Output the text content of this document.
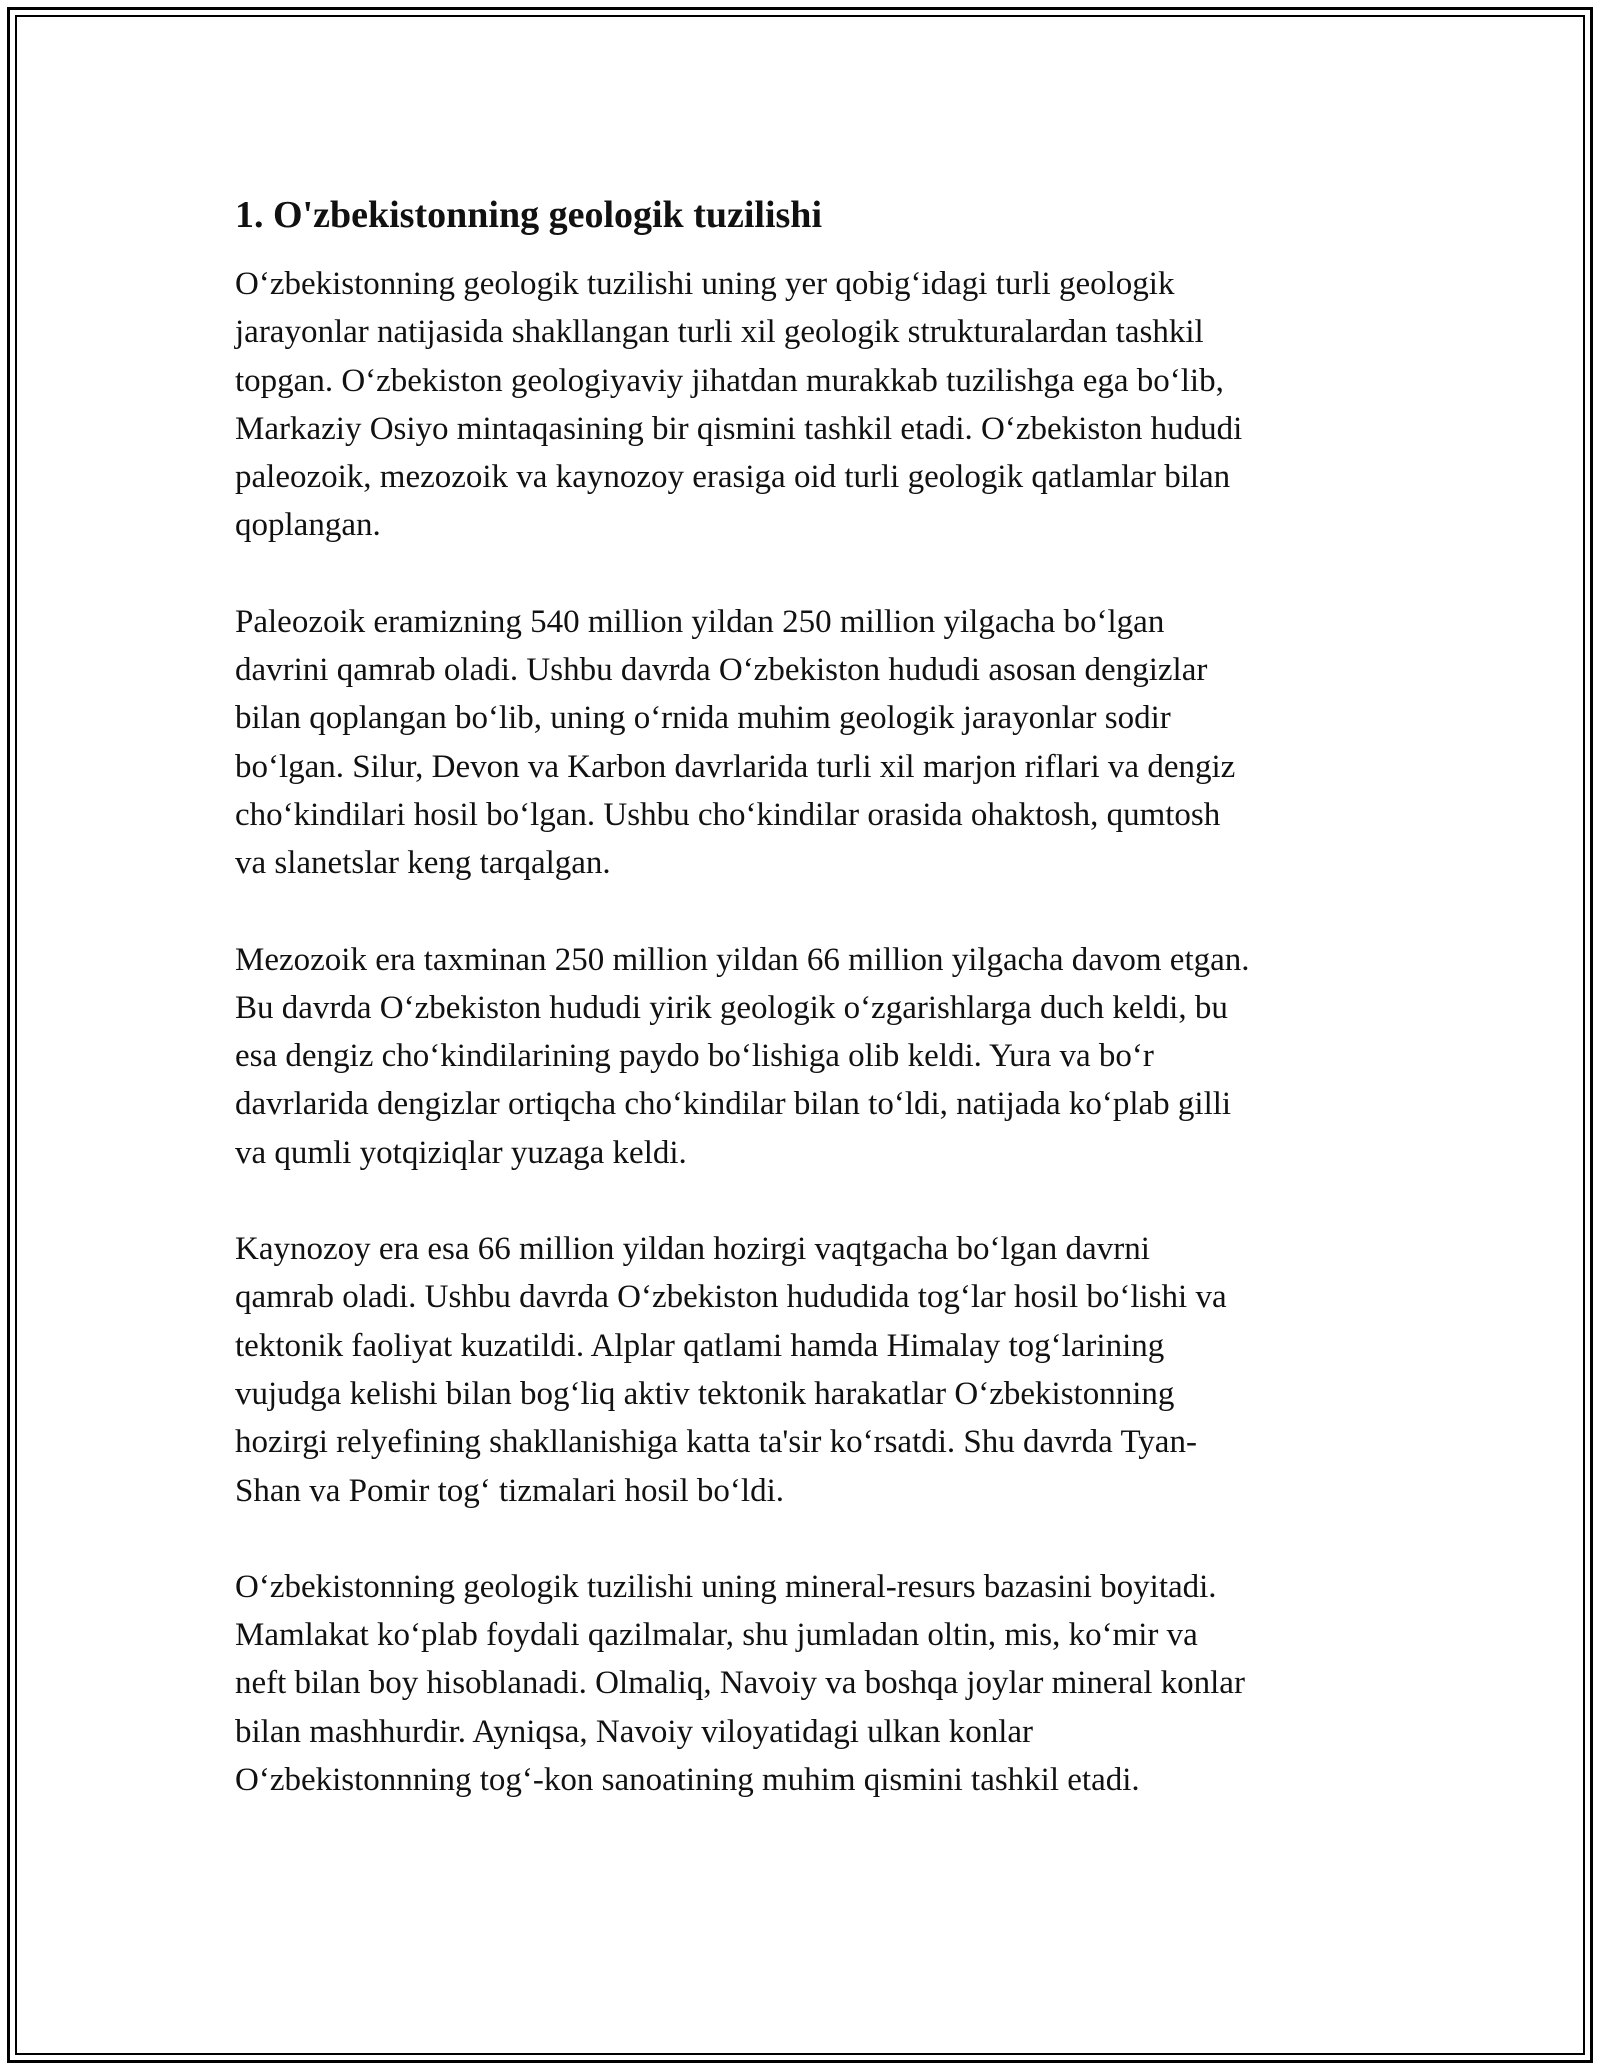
1. O'zbekistonning geologik tuzilishi

O‘zbekistonning geologik tuzilishi uning yer qobig‘idagi turli geologik
jarayonlar natijasida shakllangan turli xil geologik strukturalardan tashkil
topgan. O‘zbekiston geologiyaviy jihatdan murakkab tuzilishga ega bo‘lib,
Markaziy Osiyo mintaqasining bir qismini tashkil etadi. O‘zbekiston hududi
paleozoik, mezozoik va kaynozoy erasiga oid turli geologik qatlamlar bilan
qoplangan.

Paleozoik eramizning 540 million yildan 250 million yilgacha bo‘lgan
davrini qamrab oladi. Ushbu davrda O‘zbekiston hududi asosan dengizlar
bilan qoplangan bo‘lib, uning o‘rnida muhim geologik jarayonlar sodir
bo‘lgan. Silur, Devon va Karbon davrlarida turli xil marjon riflari va dengiz
cho‘kindilari hosil bo‘lgan. Ushbu cho‘kindilar orasida ohaktosh, qumtosh
va slanetslar keng tarqalgan.

Mezozoik era taxminan 250 million yildan 66 million yilgacha davom etgan.
Bu davrda O‘zbekiston hududi yirik geologik o‘zgarishlarga duch keldi, bu
esa dengiz cho‘kindilarining paydo bo‘lishiga olib keldi. Yura va bo‘r
davrlarida dengizlar ortiqcha cho‘kindilar bilan to‘ldi, natijada ko‘plab gilli
va qumli yotqiziqlar yuzaga keldi.

Kaynozoy era esa 66 million yildan hozirgi vaqtgacha bo‘lgan davrni
qamrab oladi. Ushbu davrda O‘zbekiston hududida tog‘lar hosil bo‘lishi va
tektonik faoliyat kuzatildi. Alplar qatlami hamda Himalay tog‘larining
vujudga kelishi bilan bog‘liq aktiv tektonik harakatlar O‘zbekistonning
hozirgi relyefining shakllanishiga katta ta'sir ko‘rsatdi. Shu davrda Tyan-
Shan va Pomir tog‘ tizmalari hosil bo‘ldi.

O‘zbekistonning geologik tuzilishi uning mineral-resurs bazasini boyitadi.
Mamlakat ko‘plab foydali qazilmalar, shu jumladan oltin, mis, ko‘mir va
neft bilan boy hisoblanadi. Olmaliq, Navoiy va boshqa joylar mineral konlar
bilan mashhurdir. Ayniqsa, Navoiy viloyatidagi ulkan konlar
O‘zbekistonnning tog‘-kon sanoatining muhim qismini tashkil etadi.
